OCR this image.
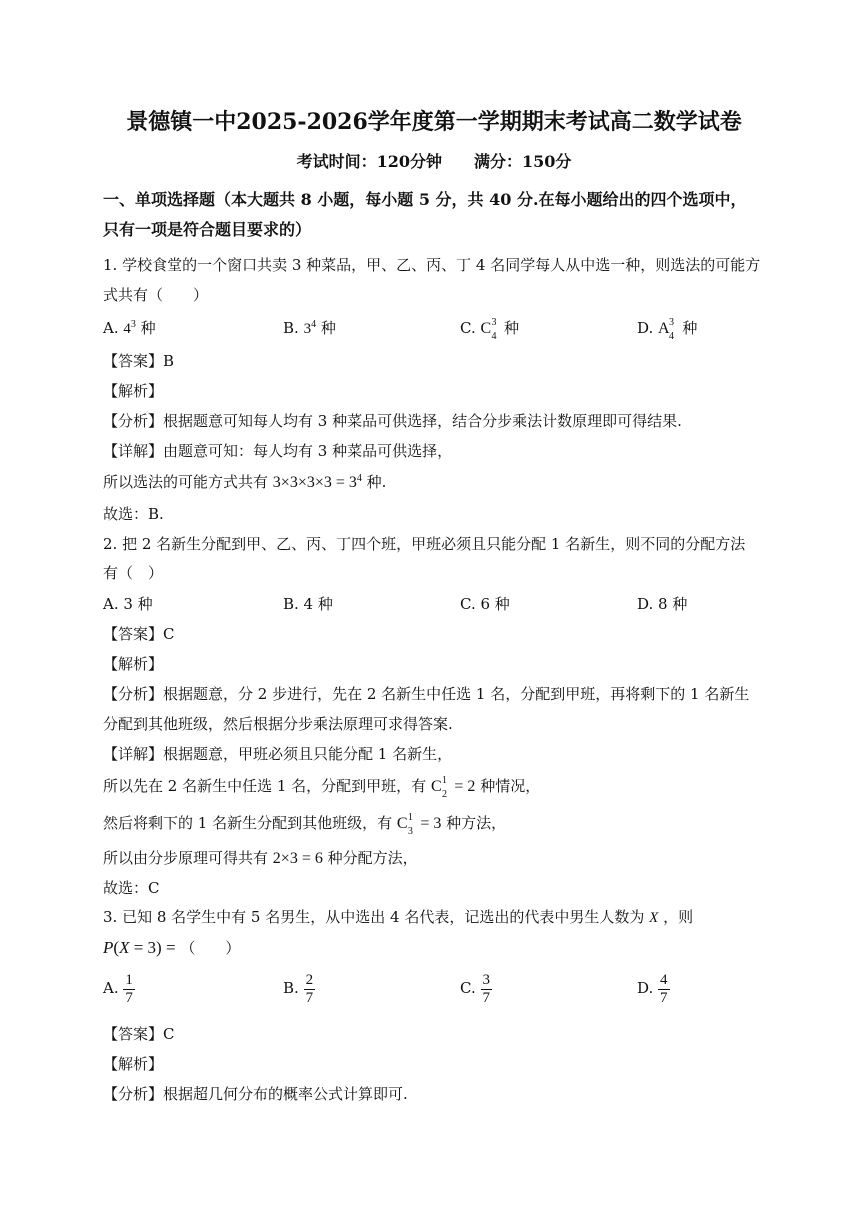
景德镇一中2025-2026学年度第一学期期末考试高二数学试卷
考试时间：120分钟　　满分：150分
一、单项选择题（本大题共 8 小题，每小题 5 分，共 40 分.在每小题给出的四个选项中，
只有一项是符合题目要求的）
1. 学校食堂的一个窗口共卖 3 种菜品，甲、乙、丙、丁 4 名同学每人从中选一种，则选法的可能方
式共有（　　）
A. $4^3$ 种	B. $3^4$ 种	C. C 3
4 种	D. A 3
4 种
【答案】B
【解析】
【分析】根据题意可知每人均有 3 种菜品可供选择，结合分步乘法计数原理即可得结果.
【详解】由题意可知：每人均有 3 种菜品可供选择，
所以选法的可能方式共有 $3\times 3\times 3\times 3 = 3^4$ 种.
故选：B.
2. 把 2 名新生分配到甲、乙、丙、丁四个班，甲班必须且只能分配 1 名新生，则不同的分配方法
有（　）
A. 3 种	B. 4 种	C. 6 种	D. 8 种
【答案】C
【解析】
【分析】根据题意，分 2 步进行，先在 2 名新生中任选 1 名，分配到甲班，再将剩下的 1 名新生
分配到其他班级，然后根据分步乘法原理可求得答案.
【详解】根据题意，甲班必须且只能分配 1 名新生，
所以先在 2 名新生中任选 1 名，分配到甲班，有 C 1
2 = 2 种情况，
然后将剩下的 1 名新生分配到其他班级，有 C 1
3 = 3 种方法，
所以由分步原理可得共有 2×3 = 6 种分配方法，
故选：C
3. 已知 8 名学生中有 5 名男生，从中选出 4 名代表，记选出的代表中男生人数为 X ，则
P(X = 3) = （　　）
A. $\frac{1}{7}$	B. $\frac{2}{7}$	C. $\frac{3}{7}$	D. $\frac{4}{7}$
【答案】C
【解析】
【分析】根据超几何分布的概率公式计算即可.
